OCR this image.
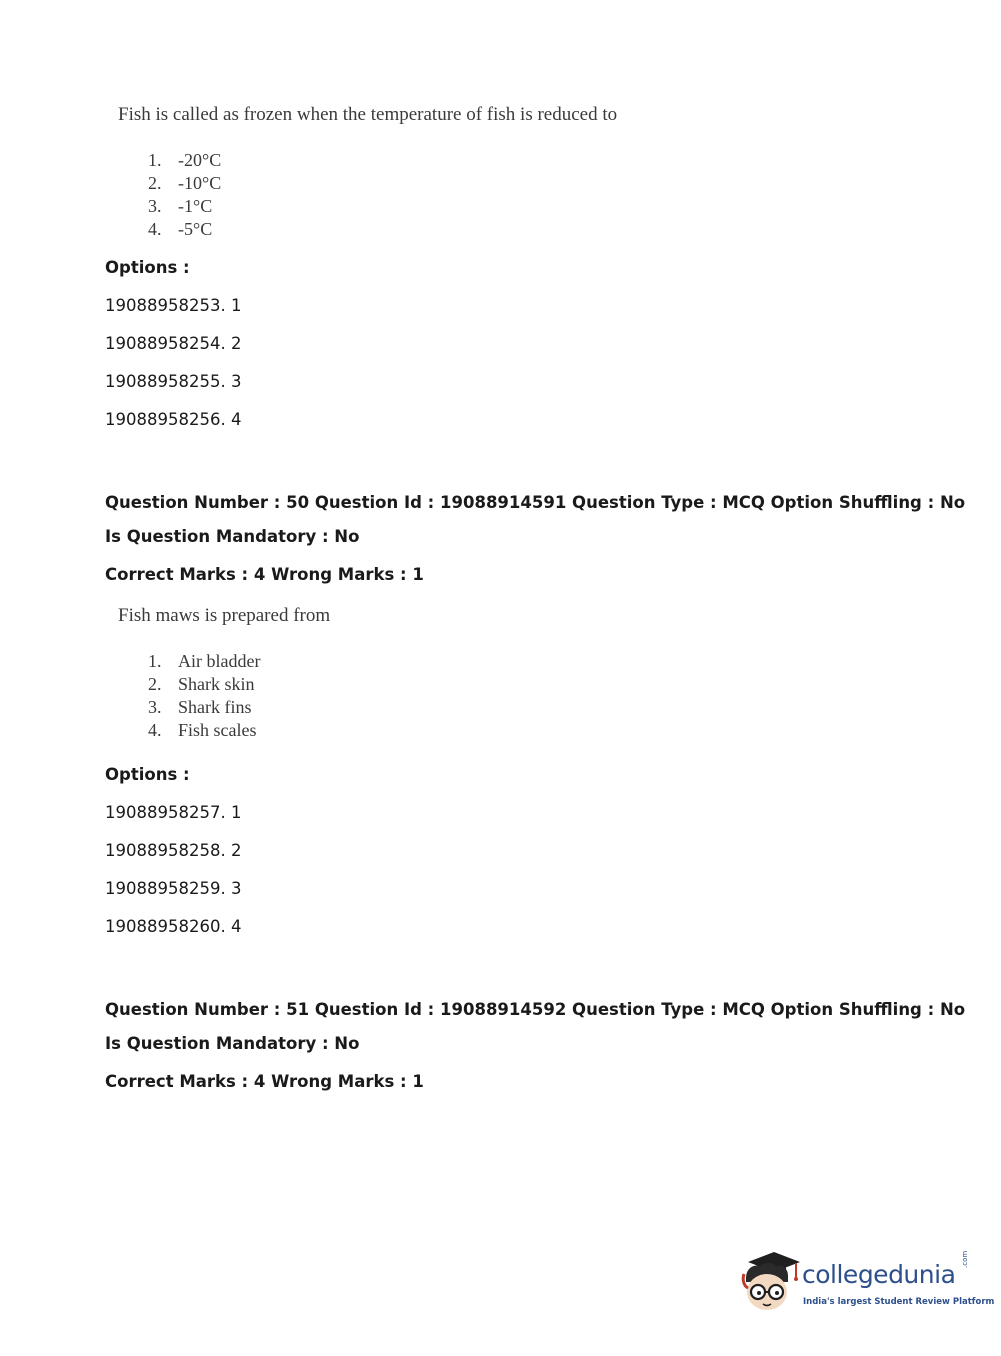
Fish is called as frozen when the temperature of fish is reduced to
1. -20°C
2. -10°C
3. -1°C
4. -5°C
Options :
19088958253. 1
19088958254. 2
19088958255. 3
19088958256. 4
Question Number : 50 Question Id : 19088914591 Question Type : MCQ Option Shuffling : No
Is Question Mandatory : No
Correct Marks : 4 Wrong Marks : 1
Fish maws is prepared from
1. Air bladder
2. Shark skin
3. Shark fins
4. Fish scales
Options :
19088958257. 1
19088958258. 2
19088958259. 3
19088958260. 4
Question Number : 51 Question Id : 19088914592 Question Type : MCQ Option Shuffling : No
Is Question Mandatory : No
Correct Marks : 4 Wrong Marks : 1
collegedunia
.com
India's largest Student Review Platform
